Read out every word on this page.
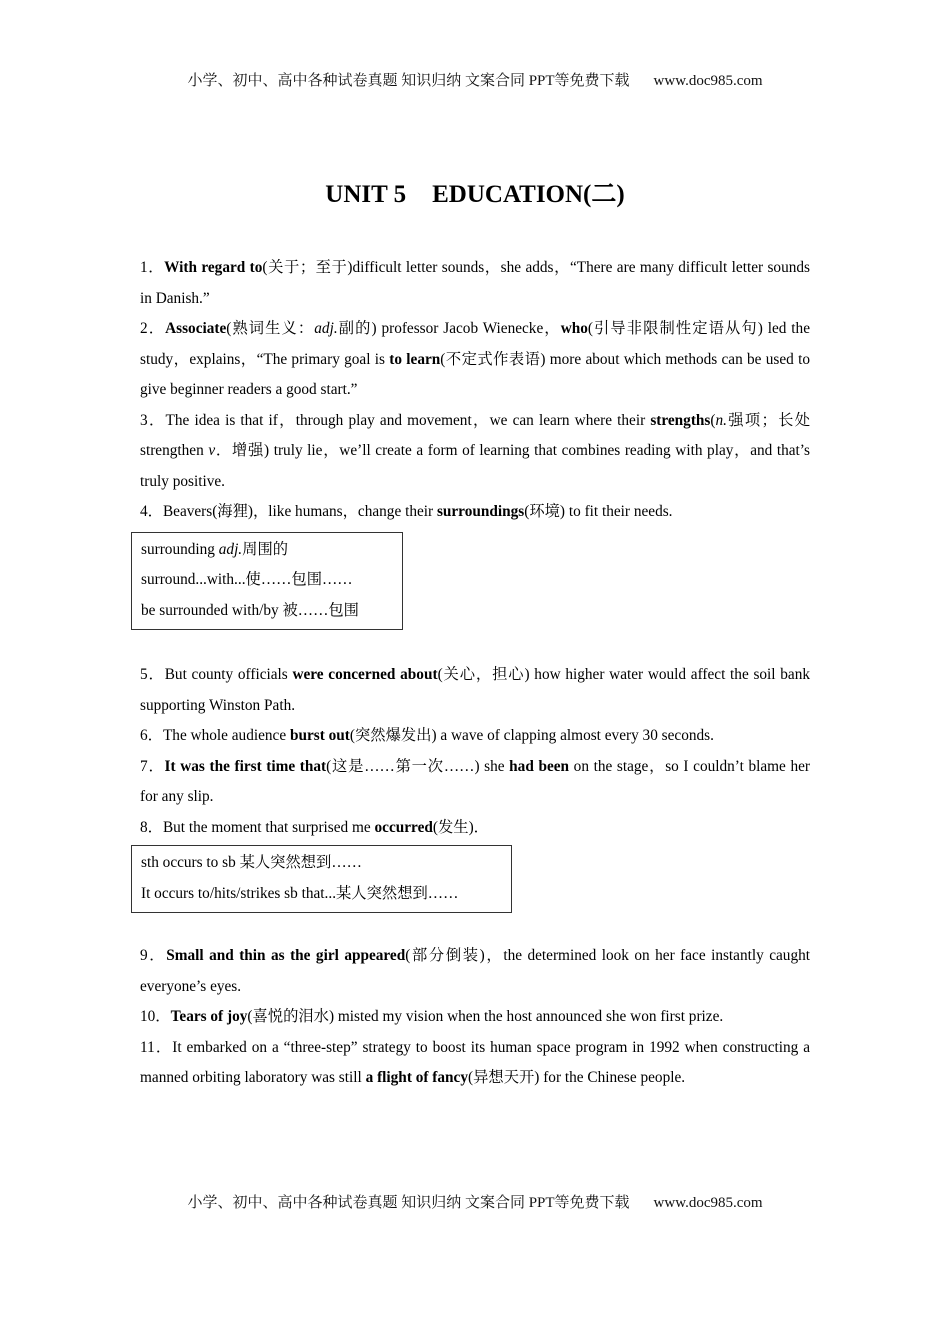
小学、初中、高中各种试卷真题 知识归纳 文案合同 PPT等免费下载 www.doc985.com
UNIT 5 EDUCATION(二)

1．With regard to(关于；至于)difficult letter sounds，she adds，“There are many difficult letter sounds in Danish.”

2．Associate(熟词生义：adj.副的) professor Jacob Wienecke，who(引导非限制性定语从句) led the study，explains，“The primary goal is to learn(不定式作表语) more about which methods can be used to give beginner readers a good start.”

3．The idea is that if，through play and movement，we can learn where their strengths(n.强项；长处 strengthen v．增强) truly lie，we’ll create a form of learning that combines reading with play，and that’s truly positive.

4．Beavers(海狸)，like humans，change their surroundings(环境) to fit their needs.

surrounding adj.周围的
surround...with...使……包围……
be surrounded with/by 被……包围

5．But county officials were concerned about(关心，担心) how higher water would affect the soil bank supporting Winston Path.

6．The whole audience burst out(突然爆发出) a wave of clapping almost every 30 seconds.

7．It was the first time that(这是……第一次……) she had been on the stage，so I couldn’t blame her for any slip.

8．But the moment that surprised me occurred(发生)．

sth occurs to sb 某人突然想到……
It occurs to/hits/strikes sb that...某人突然想到……

9．Small and thin as the girl appeared(部分倒装)，the determined look on her face instantly caught everyone’s eyes.

10．Tears of joy(喜悦的泪水) misted my vision when the host announced she won first prize.

11．It embarked on a “three-step” strategy to boost its human space program in 1992 when constructing a manned orbiting laboratory was still a flight of fancy(异想天开) for the Chinese people.

小学、初中、高中各种试卷真题 知识归纳 文案合同 PPT等免费下载 www.doc985.com
